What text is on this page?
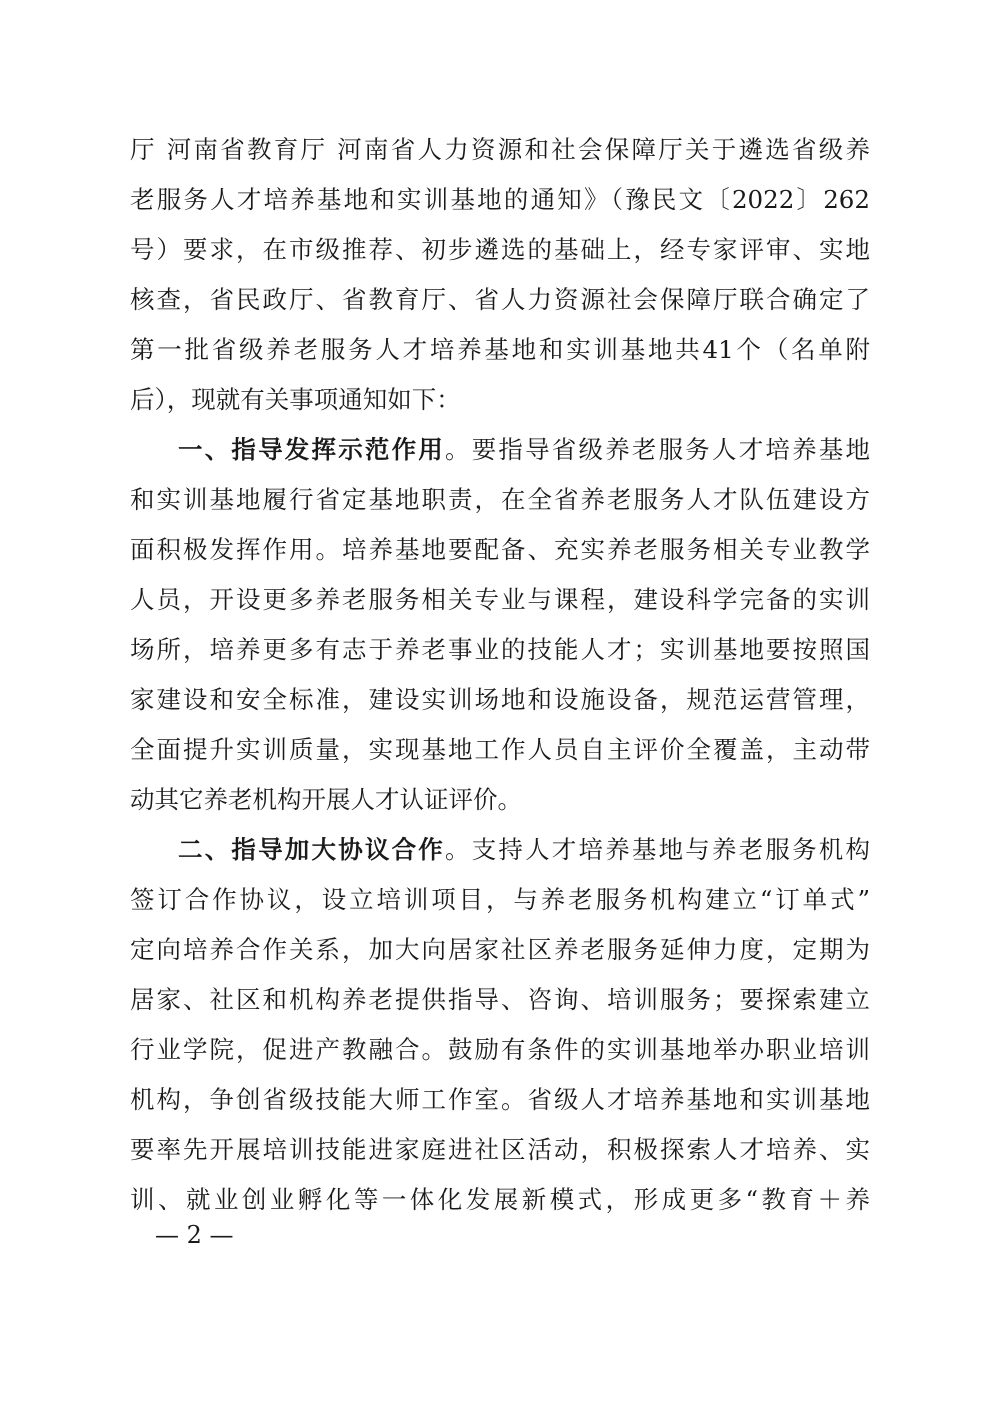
厅 河南省教育厅 河南省人力资源和社会保障厅关于遴选省级养
老服务人才培养基地和实训基地的通知》（豫民文〔2022〕262
号）要求，在市级推荐、初步遴选的基础上，经专家评审、实地
核查，省民政厅、省教育厅、省人力资源社会保障厅联合确定了
第一批省级养老服务人才培养基地和实训基地共41个（名单附
后），现就有关事项通知如下：
一、指导发挥示范作用。要指导省级养老服务人才培养基地
和实训基地履行省定基地职责，在全省养老服务人才队伍建设方
面积极发挥作用。培养基地要配备、充实养老服务相关专业教学
人员，开设更多养老服务相关专业与课程，建设科学完备的实训
场所，培养更多有志于养老事业的技能人才；实训基地要按照国
家建设和安全标准，建设实训场地和设施设备，规范运营管理，
全面提升实训质量，实现基地工作人员自主评价全覆盖，主动带
动其它养老机构开展人才认证评价。
二、指导加大协议合作。支持人才培养基地与养老服务机构
签订合作协议，设立培训项目，与养老服务机构建立“订单式”
定向培养合作关系，加大向居家社区养老服务延伸力度，定期为
居家、社区和机构养老提供指导、咨询、培训服务；要探索建立
行业学院，促进产教融合。鼓励有条件的实训基地举办职业培训
机构，争创省级技能大师工作室。省级人才培养基地和实训基地
要率先开展培训技能进家庭进社区活动，积极探索人才培养、实
训、就业创业孵化等一体化发展新模式，形成更多“教育＋养
— 2 —
